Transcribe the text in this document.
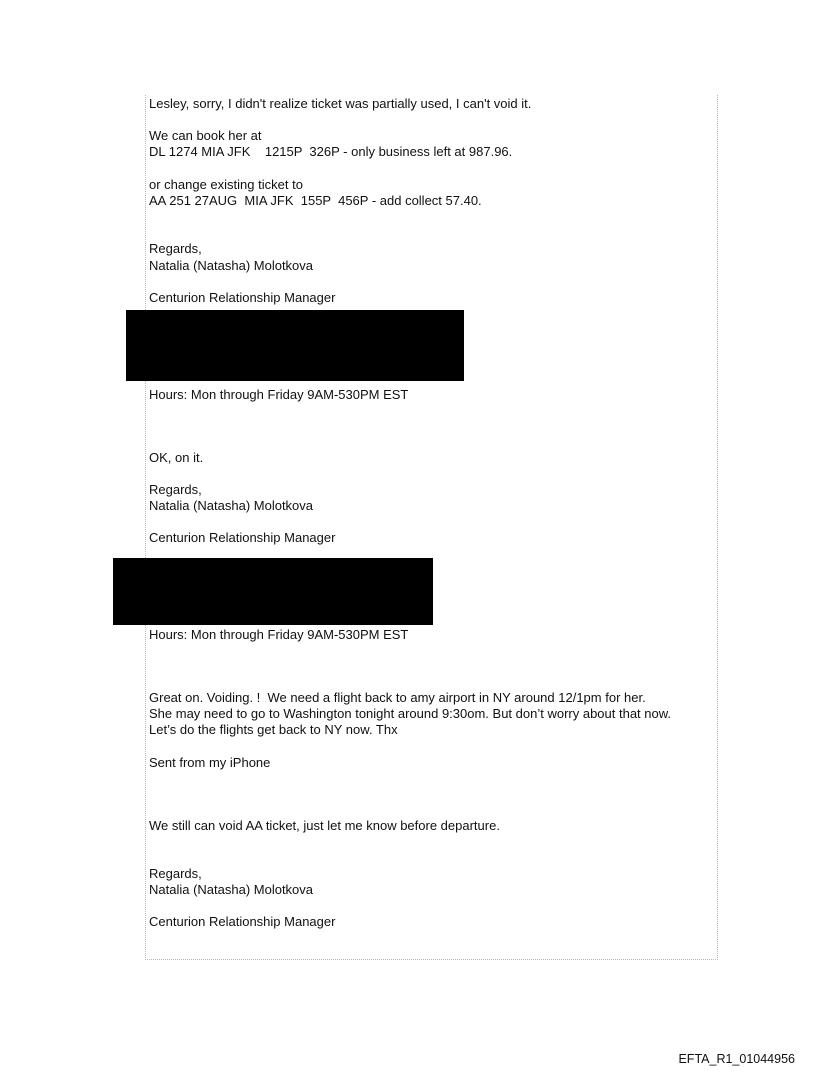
Lesley, sorry, I didn't realize ticket was partially used, I can't void it.
We can book her at
DL 1274 MIA JFK    1215P  326P - only business left at 987.96.
or change existing ticket to
AA 251 27AUG  MIA JFK  155P  456P - add collect 57.40.
Regards,
Natalia (Natasha) Molotkova
Centurion Relationship Manager
Hours: Mon through Friday 9AM-530PM EST
OK, on it.
Regards,
Natalia (Natasha) Molotkova
Centurion Relationship Manager
Hours: Mon through Friday 9AM-530PM EST
Great on. Voiding. !  We need a flight back to amy airport in NY around 12/1pm for her.
She may need to go to Washington tonight around 9:30om. But don’t worry about that now.
Let’s do the flights get back to NY now. Thx
Sent from my iPhone
We still can void AA ticket, just let me know before departure.
Regards,
Natalia (Natasha) Molotkova
Centurion Relationship Manager
EFTA_R1_01044956
